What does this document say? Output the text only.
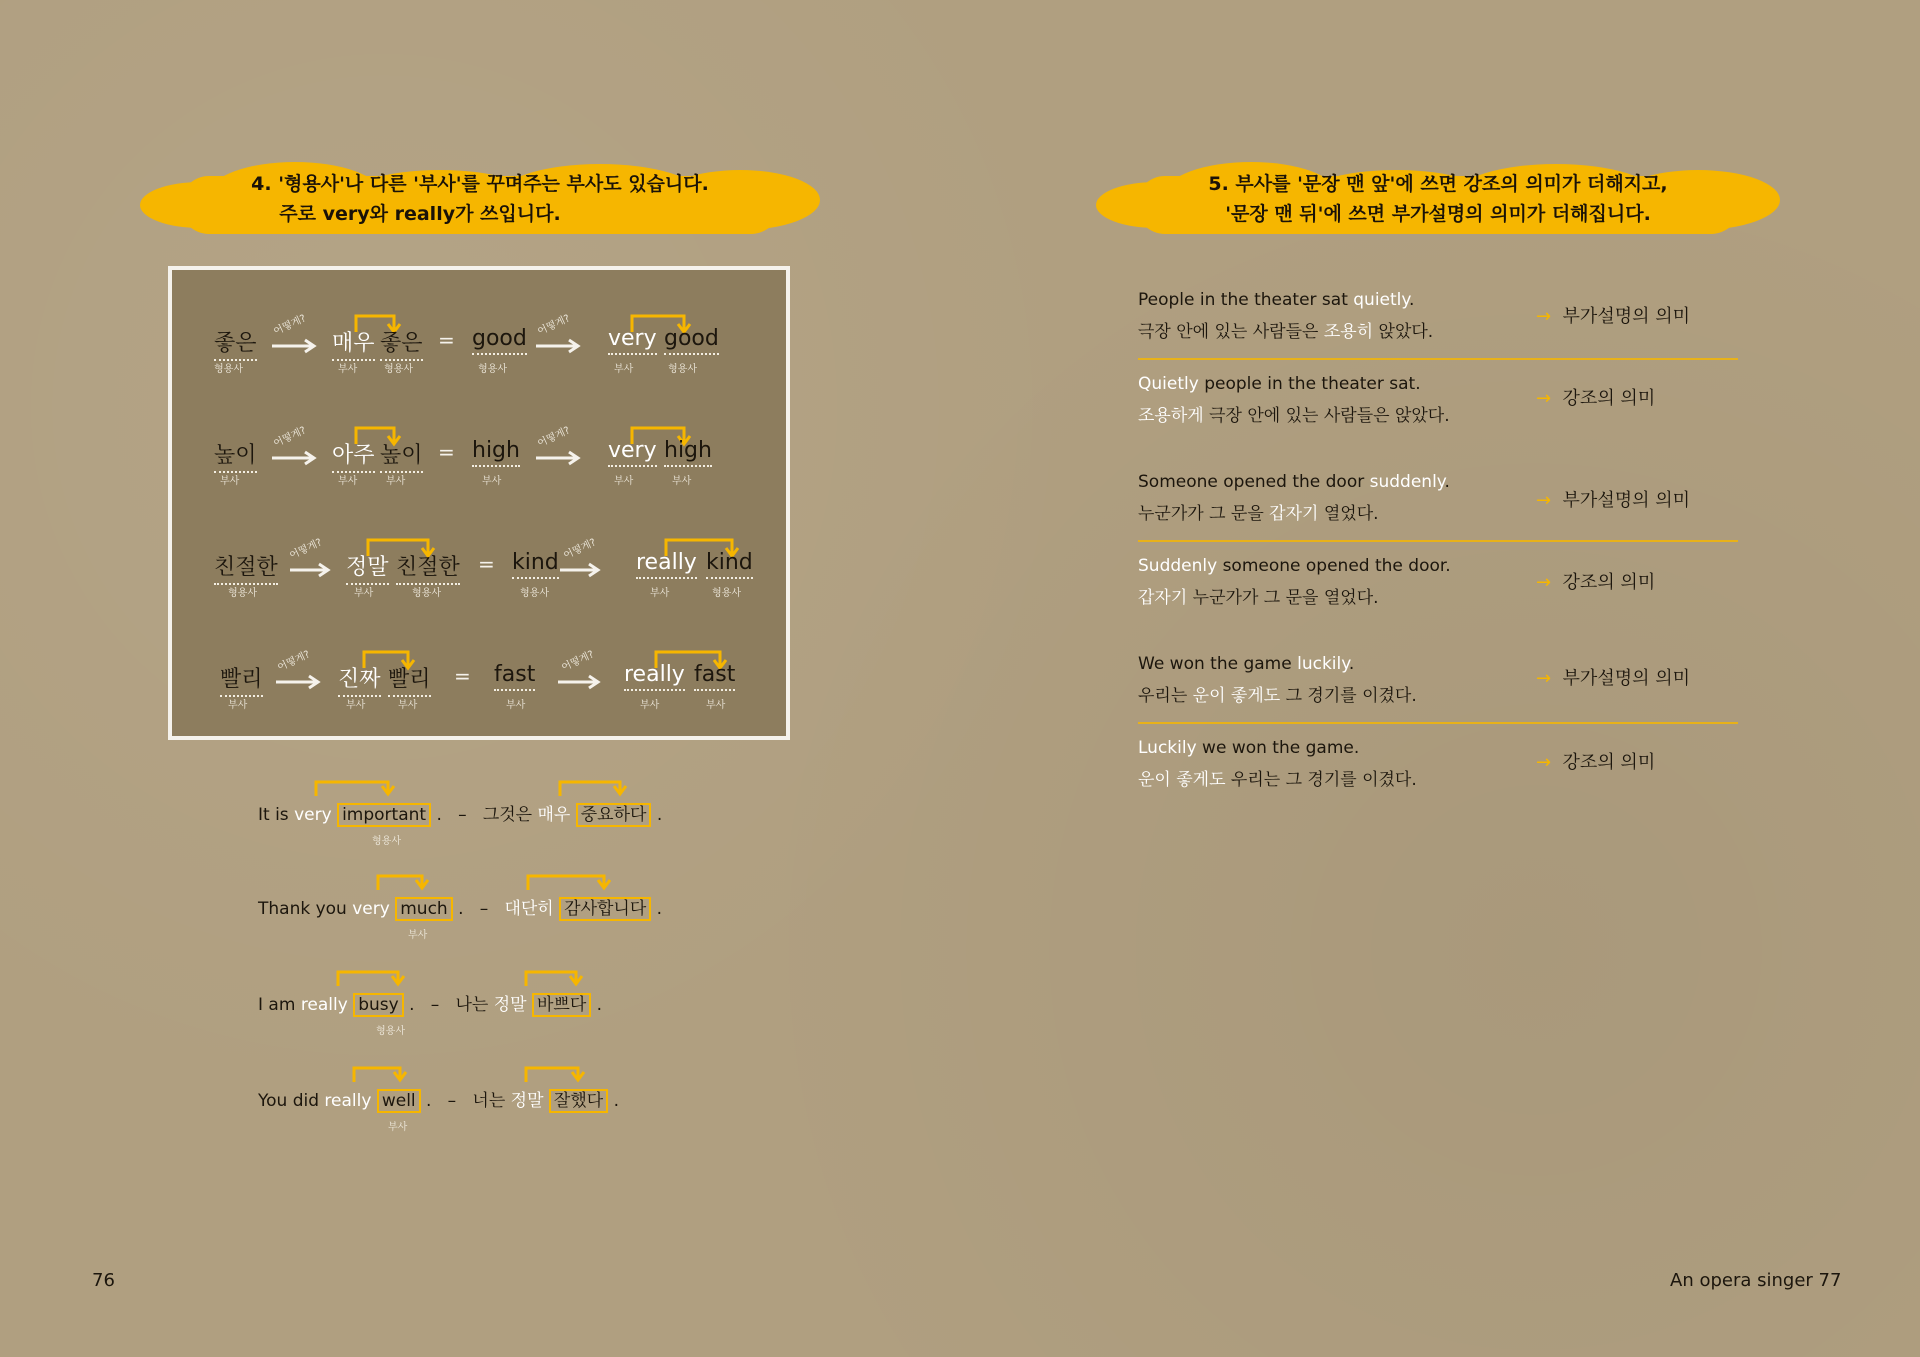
4. '형용사'나 다른 '부사'를 꾸며주는 부사도 있습니다.
주로 very와 really가 쓰입니다.
좋은
형용사
어떻게?
매우
부사
좋은
형용사
= good
형용사
어떻게?
very
부사
good
형용사
높이
부사
어떻게?
아주
부사
높이
부사
= high
부사
어떻게?
very
부사
high
부사
친절한
형용사
어떻게?
정말
부사
친절한
형용사
= kind
형용사
어떻게?
really
부사
kind
형용사
빨리
부사
어떻게?
진짜
부사
빨리
부사
= fast
부사
어떻게?
really
부사
fast
부사
It is very important . – 그것은 매우 중요하다 .
형용사
Thank you very much . – 대단히 감사합니다 .
부사
I am really busy . – 나는 정말 바쁘다 .
형용사
You did really well . – 너는 정말 잘했다 .
부사
76
5. 부사를 '문장 맨 앞'에 쓰면 강조의 의미가 더해지고,
'문장 맨 뒤'에 쓰면 부가설명의 의미가 더해집니다.
People in the theater sat quietly.
극장 안에 있는 사람들은 조용히 앉았다.
→ 부가설명의 의미
Quietly people in the theater sat.
조용하게 극장 안에 있는 사람들은 앉았다.
→ 강조의 의미
Someone opened the door suddenly.
누군가가 그 문을 갑자기 열었다.
→ 부가설명의 의미
Suddenly someone opened the door.
갑자기 누군가가 그 문을 열었다.
→ 강조의 의미
We won the game luckily.
우리는 운이 좋게도 그 경기를 이겼다.
→ 부가설명의 의미
Luckily we won the game.
운이 좋게도 우리는 그 경기를 이겼다.
→ 강조의 의미
An opera singer 77
